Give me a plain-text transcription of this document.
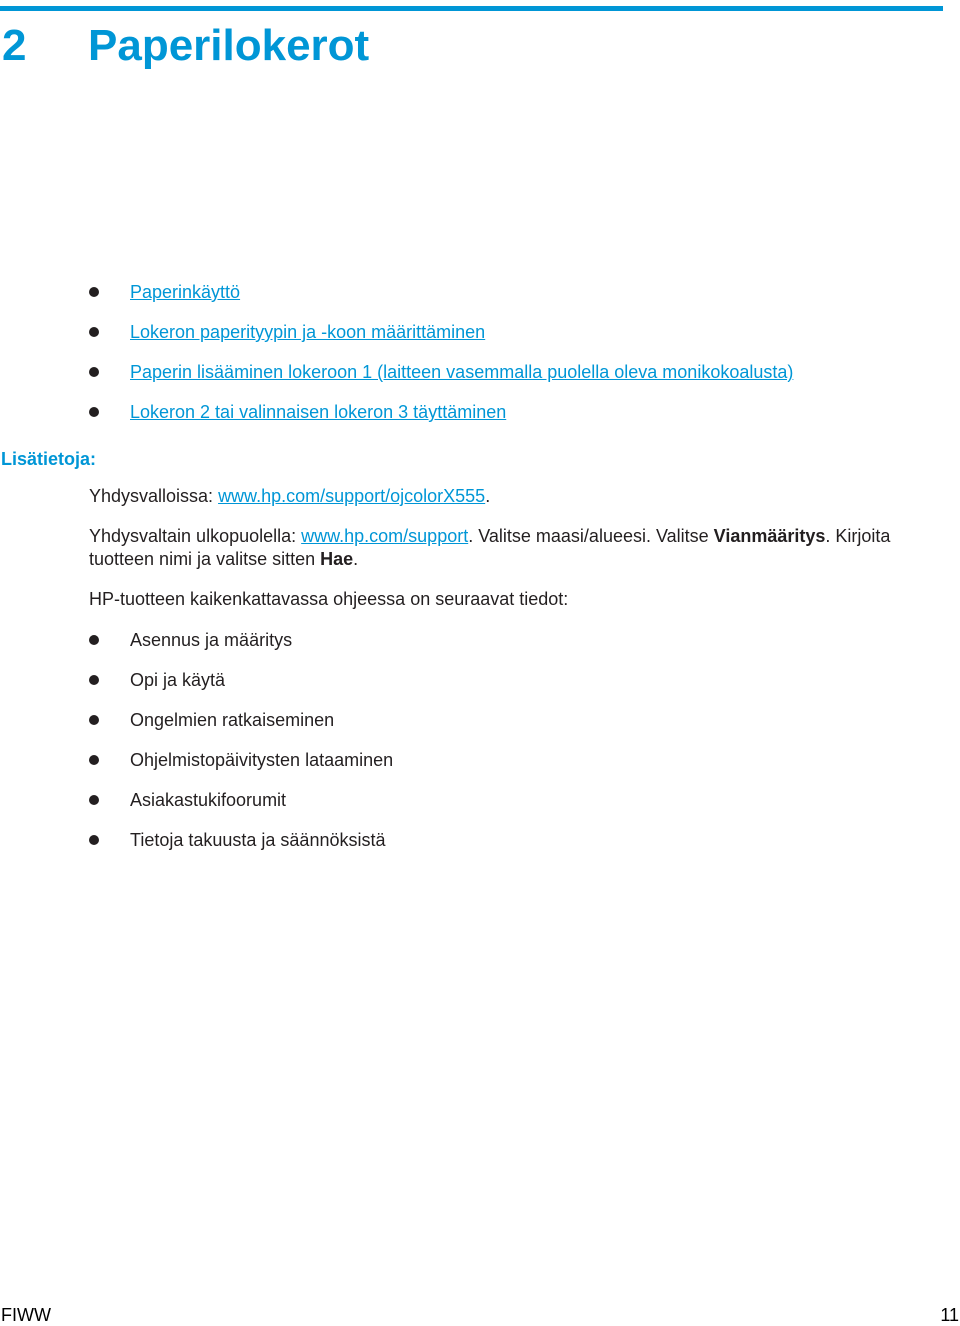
2 Paperilokerot
Paperinkäyttö
Lokeron paperityypin ja -koon määrittäminen
Paperin lisääminen lokeroon 1 (laitteen vasemmalla puolella oleva monikokoalusta)
Lokeron 2 tai valinnaisen lokeron 3 täyttäminen
Lisätietoja:

Yhdysvalloissa: www.hp.com/support/ojcolorX555.

Yhdysvaltain ulkopuolella: www.hp.com/support. Valitse maasi/alueesi. Valitse Vianmääritys. Kirjoita tuotteen nimi ja valitse sitten Hae.

HP-tuotteen kaikenkattavassa ohjeessa on seuraavat tiedot:

Asennus ja määritys
Opi ja käytä
Ongelmien ratkaiseminen
Ohjelmistopäivitysten lataaminen
Asiakastukifoorumit
Tietoja takuusta ja säännöksistä
FIWW	11
